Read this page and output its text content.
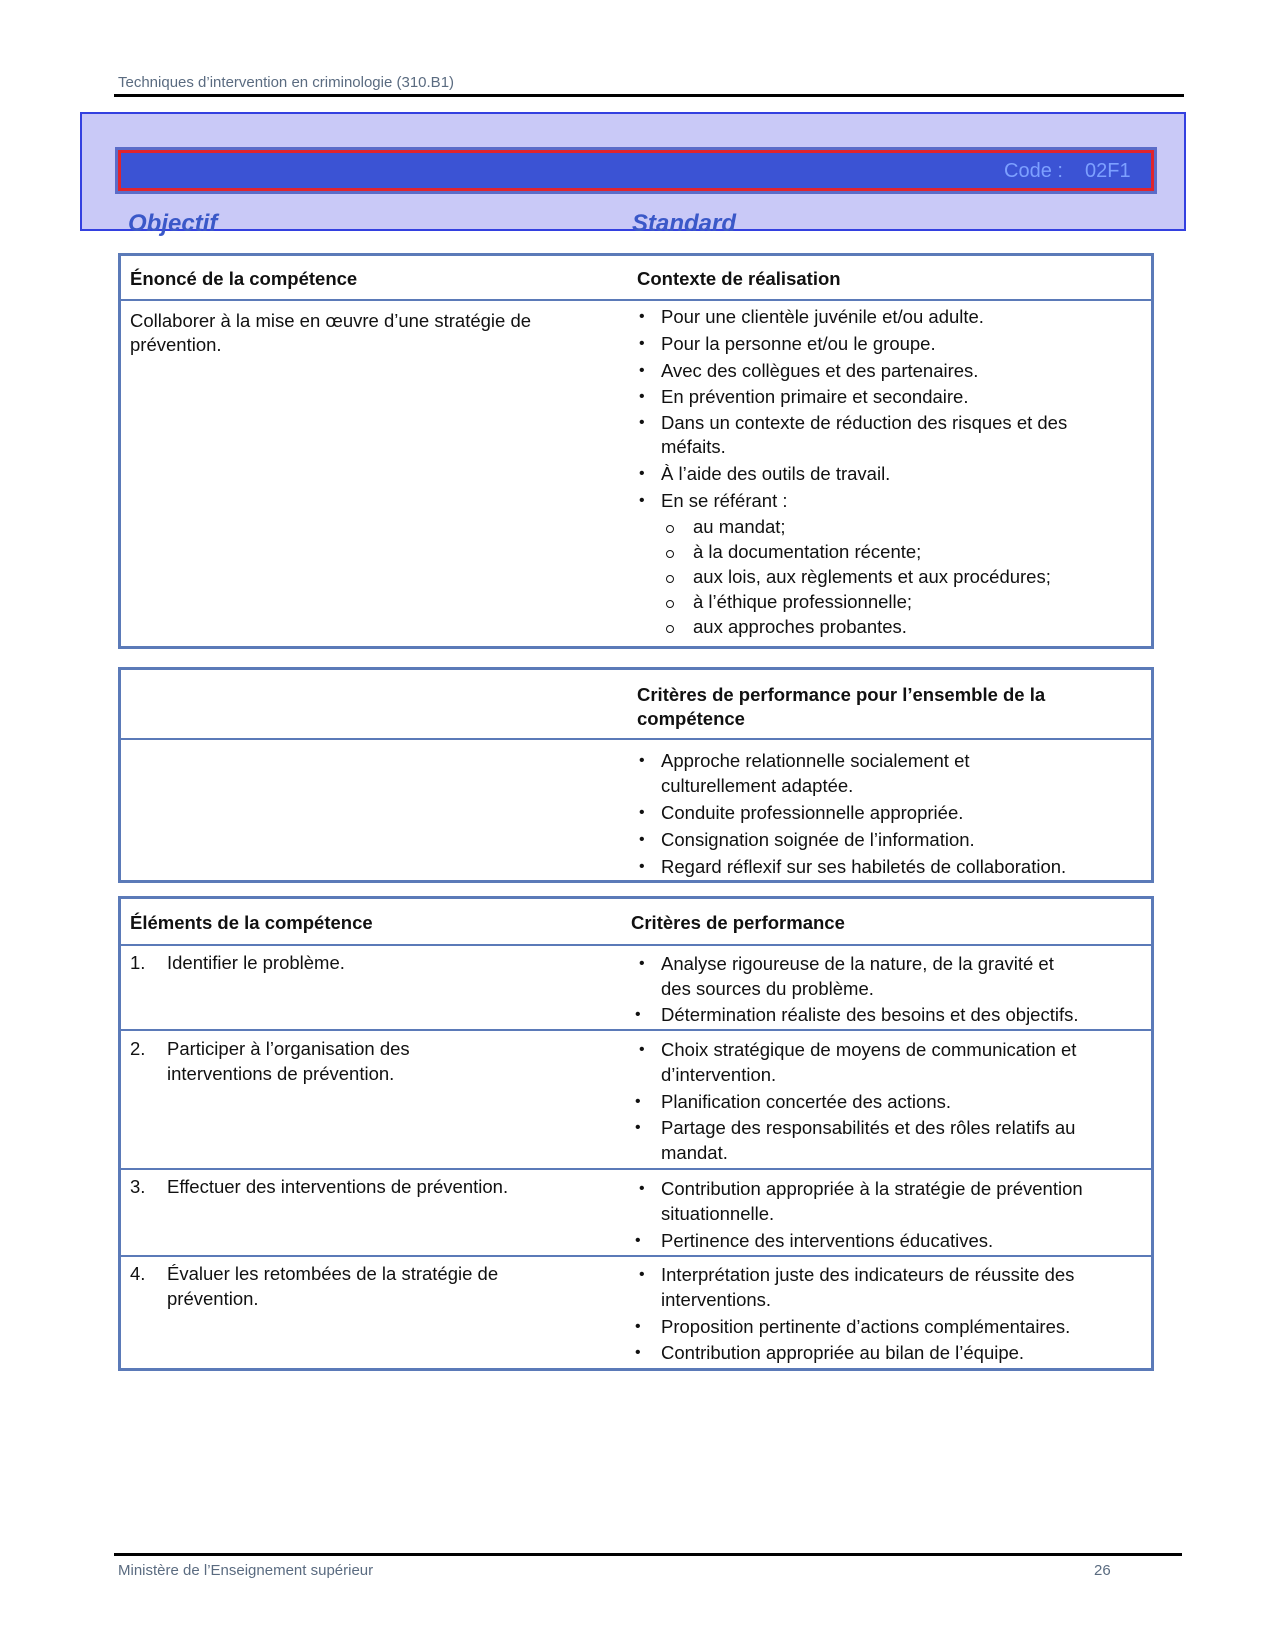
Techniques d’intervention en criminologie (310.B1)
Code : 02F1
Objectif	Standard
Énoncé de la compétence	Contexte de réalisation
Collaborer à la mise en œuvre d’une stratégie de
prévention.
• Pour une clientèle juvénile et/ou adulte.
• Pour la personne et/ou le groupe.
• Avec des collègues et des partenaires.
• En prévention primaire et secondaire.
• Dans un contexte de réduction des risques et des
méfaits.
• À l’aide des outils de travail.
• En se référant :
au mandat;
à la documentation récente;
aux lois, aux règlements et aux procédures;
à l’éthique professionnelle;
aux approches probantes.
Critères de performance pour l’ensemble de la
compétence
• Approche relationnelle socialement et
culturellement adaptée.
• Conduite professionnelle appropriée.
• Consignation soignée de l’information.
• Regard réflexif sur ses habiletés de collaboration.
Éléments de la compétence	Critères de performance
1. Identifier le problème.	• Analyse rigoureuse de la nature, de la gravité et
des sources du problème.
• Détermination réaliste des besoins et des objectifs.
2. Participer à l’organisation des
interventions de prévention.
• Choix stratégique de moyens de communication et
d’intervention.
• Planification concertée des actions.
• Partage des responsabilités et des rôles relatifs au
mandat.
3. Effectuer des interventions de prévention.	• Contribution appropriée à la stratégie de prévention
situationnelle.
• Pertinence des interventions éducatives.
4. Évaluer les retombées de la stratégie de
prévention.
• Interprétation juste des indicateurs de réussite des
interventions.
• Proposition pertinente d’actions complémentaires.
• Contribution appropriée au bilan de l’équipe.
Ministère de l’Enseignement supérieur	26
